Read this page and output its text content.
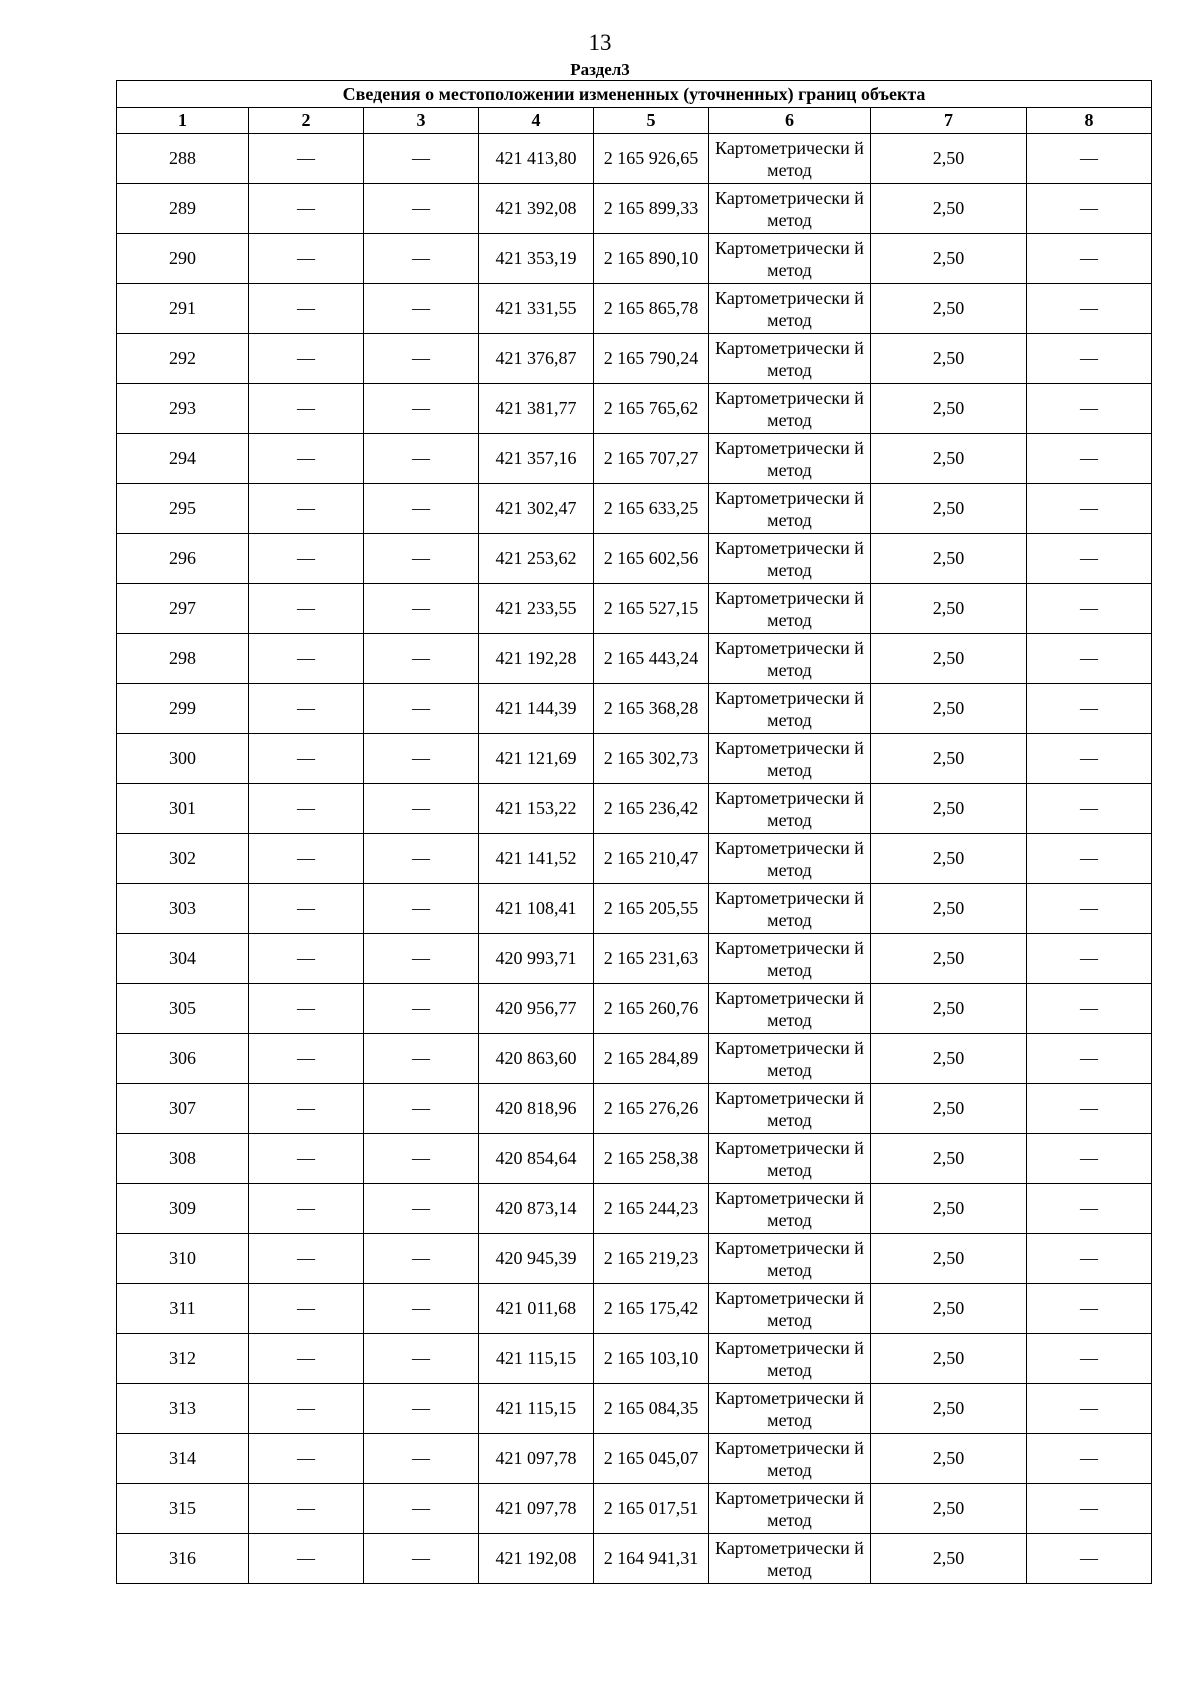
13
Раздел3
Сведения о местоположении измененных (уточненных) границ объекта							
1	2	3	4	5	6	7	8
288	—	—	421 413,80	2 165 926,65	Картометрически й метод	2,50	—
289	—	—	421 392,08	2 165 899,33	Картометрически й метод	2,50	—
290	—	—	421 353,19	2 165 890,10	Картометрически й метод	2,50	—
291	—	—	421 331,55	2 165 865,78	Картометрически й метод	2,50	—
292	—	—	421 376,87	2 165 790,24	Картометрически й метод	2,50	—
293	—	—	421 381,77	2 165 765,62	Картометрически й метод	2,50	—
294	—	—	421 357,16	2 165 707,27	Картометрически й метод	2,50	—
295	—	—	421 302,47	2 165 633,25	Картометрически й метод	2,50	—
296	—	—	421 253,62	2 165 602,56	Картометрически й метод	2,50	—
297	—	—	421 233,55	2 165 527,15	Картометрически й метод	2,50	—
298	—	—	421 192,28	2 165 443,24	Картометрически й метод	2,50	—
299	—	—	421 144,39	2 165 368,28	Картометрически й метод	2,50	—
300	—	—	421 121,69	2 165 302,73	Картометрически й метод	2,50	—
301	—	—	421 153,22	2 165 236,42	Картометрически й метод	2,50	—
302	—	—	421 141,52	2 165 210,47	Картометрически й метод	2,50	—
303	—	—	421 108,41	2 165 205,55	Картометрически й метод	2,50	—
304	—	—	420 993,71	2 165 231,63	Картометрически й метод	2,50	—
305	—	—	420 956,77	2 165 260,76	Картометрически й метод	2,50	—
306	—	—	420 863,60	2 165 284,89	Картометрически й метод	2,50	—
307	—	—	420 818,96	2 165 276,26	Картометрически й метод	2,50	—
308	—	—	420 854,64	2 165 258,38	Картометрически й метод	2,50	—
309	—	—	420 873,14	2 165 244,23	Картометрически й метод	2,50	—
310	—	—	420 945,39	2 165 219,23	Картометрически й метод	2,50	—
311	—	—	421 011,68	2 165 175,42	Картометрически й метод	2,50	—
312	—	—	421 115,15	2 165 103,10	Картометрически й метод	2,50	—
313	—	—	421 115,15	2 165 084,35	Картометрически й метод	2,50	—
314	—	—	421 097,78	2 165 045,07	Картометрически й метод	2,50	—
315	—	—	421 097,78	2 165 017,51	Картометрически й метод	2,50	—
316	—	—	421 192,08	2 164 941,31	Картометрически й метод	2,50	—
